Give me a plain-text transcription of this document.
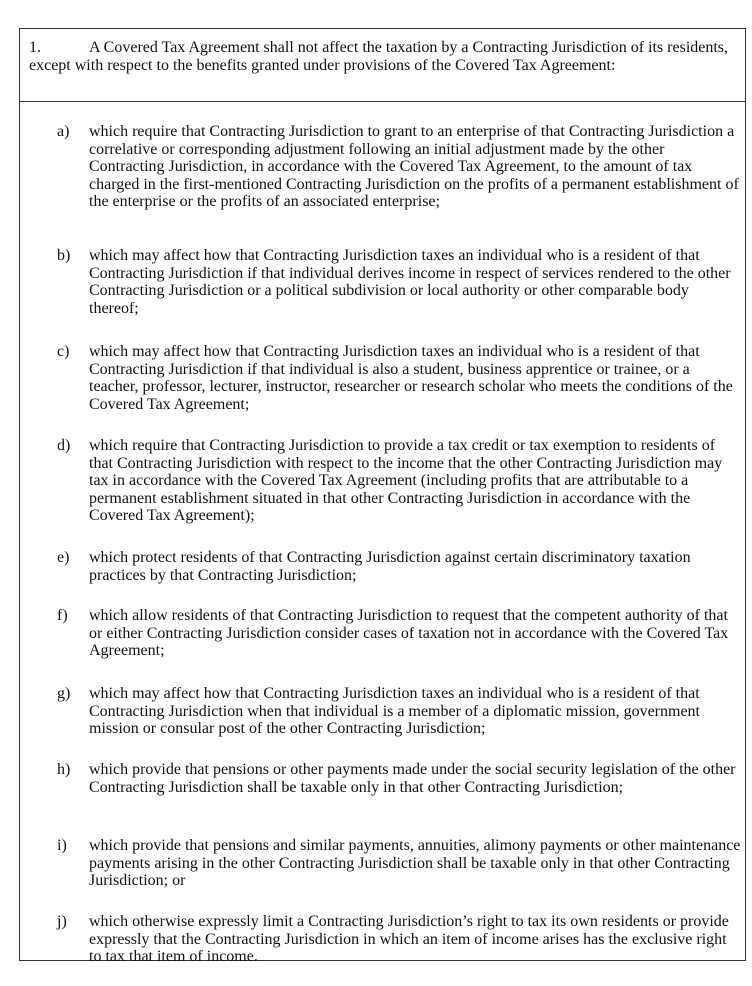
1.	A Covered Tax Agreement shall not affect the taxation by a Contracting Jurisdiction of its residents, except with respect to the benefits granted under provisions of the Covered Tax Agreement:
a) which require that Contracting Jurisdiction to grant to an enterprise of that Contracting Jurisdiction a correlative or corresponding adjustment following an initial adjustment made by the other Contracting Jurisdiction, in accordance with the Covered Tax Agreement, to the amount of tax charged in the first-mentioned Contracting Jurisdiction on the profits of a permanent establishment of the enterprise or the profits of an associated enterprise;
b) which may affect how that Contracting Jurisdiction taxes an individual who is a resident of that Contracting Jurisdiction if that individual derives income in respect of services rendered to the other Contracting Jurisdiction or a political subdivision or local authority or other comparable body thereof;
c) which may affect how that Contracting Jurisdiction taxes an individual who is a resident of that Contracting Jurisdiction if that individual is also a student, business apprentice or trainee, or a teacher, professor, lecturer, instructor, researcher or research scholar who meets the conditions of the Covered Tax Agreement;
d) which require that Contracting Jurisdiction to provide a tax credit or tax exemption to residents of that Contracting Jurisdiction with respect to the income that the other Contracting Jurisdiction may tax in accordance with the Covered Tax Agreement (including profits that are attributable to a permanent establishment situated in that other Contracting Jurisdiction in accordance with the Covered Tax Agreement);
e) which protect residents of that Contracting Jurisdiction against certain discriminatory taxation practices by that Contracting Jurisdiction;
f) which allow residents of that Contracting Jurisdiction to request that the competent authority of that or either Contracting Jurisdiction consider cases of taxation not in accordance with the Covered Tax Agreement;
g) which may affect how that Contracting Jurisdiction taxes an individual who is a resident of that Contracting Jurisdiction when that individual is a member of a diplomatic mission, government mission or consular post of the other Contracting Jurisdiction;
h) which provide that pensions or other payments made under the social security legislation of the other Contracting Jurisdiction shall be taxable only in that other Contracting Jurisdiction;
i) which provide that pensions and similar payments, annuities, alimony payments or other maintenance payments arising in the other Contracting Jurisdiction shall be taxable only in that other Contracting Jurisdiction; or
j) which otherwise expressly limit a Contracting Jurisdiction’s right to tax its own residents or provide expressly that the Contracting Jurisdiction in which an item of income arises has the exclusive right to tax that item of income.
